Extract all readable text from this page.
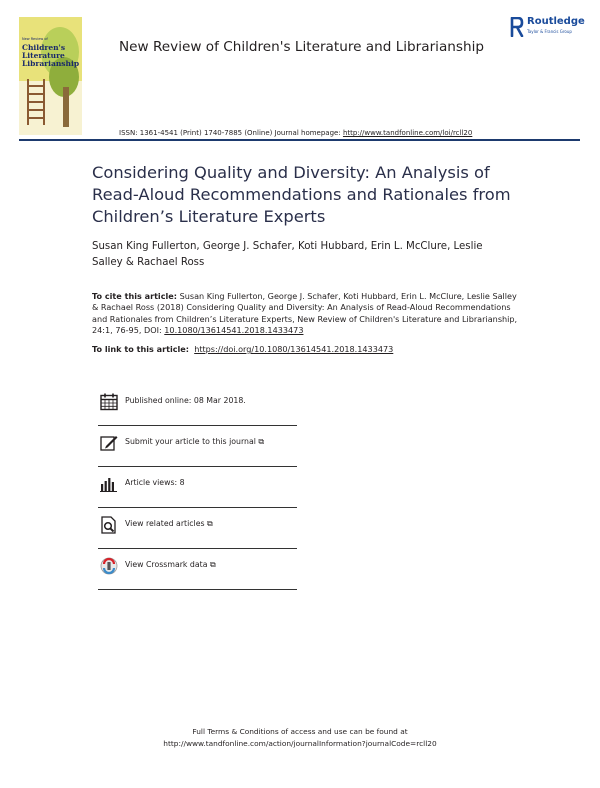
New Review of
Children's
Literature
Librarianship
New Review of Children's Literature and Librarianship
Routledge
Taylor & Francis Group
ISSN: 1361-4541 (Print) 1740-7885 (Online) Journal homepage: http://www.tandfonline.com/loi/rcll20
Considering Quality and Diversity: An Analysis of Read-Aloud Recommendations and Rationales from Children’s Literature Experts
Susan King Fullerton, George J. Schafer, Koti Hubbard, Erin L. McClure, Leslie Salley & Rachael Ross
To cite this article: Susan King Fullerton, George J. Schafer, Koti Hubbard, Erin L. McClure, Leslie Salley & Rachael Ross (2018) Considering Quality and Diversity: An Analysis of Read-Aloud Recommendations and Rationales from Children’s Literature Experts, New Review of Children's Literature and Librarianship, 24:1, 76-95, DOI: 10.1080/13614541.2018.1433473
To link to this article: https://doi.org/10.1080/13614541.2018.1433473
Published online: 08 Mar 2018.
Submit your article to this journal ⧉
Article views: 8
View related articles ⧉
View Crossmark data ⧉
Full Terms & Conditions of access and use can be found at
http://www.tandfonline.com/action/journalInformation?journalCode=rcll20
